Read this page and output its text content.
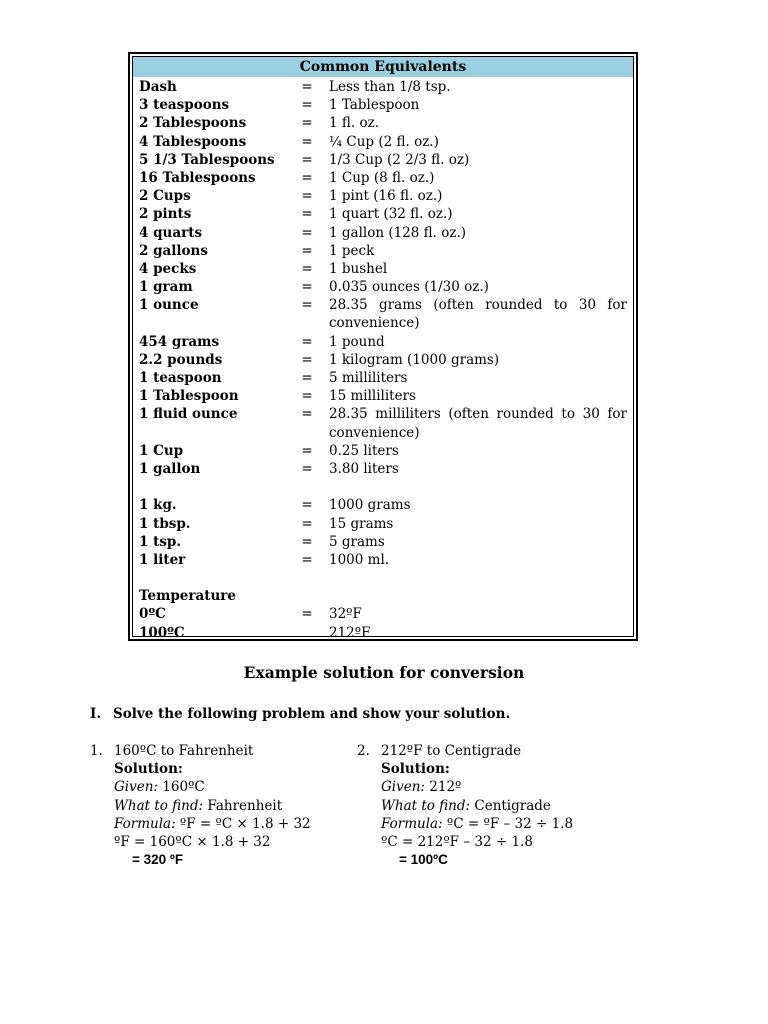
Common Equivalents
Dash	= Less than 1/8 tsp.
3 teaspoons	= 1 Tablespoon
2 Tablespoons	= 1 fl. oz.
4 Tablespoons	= ¼ Cup (2 fl. oz.)
5 1/3 Tablespoons = 1/3 Cup (2 2/3 fl. oz)
16 Tablespoons	= 1 Cup (8 fl. oz.)
2 Cups	= 1 pint (16 fl. oz.)
2 pints	= 1 quart (32 fl. oz.)
4 quarts	= 1 gallon (128 fl. oz.)
2 gallons	= 1 peck
4 pecks	= 1 bushel
1 gram	= 0.035 ounces (1/30 oz.)
1 ounce	= 28.35 grams (often rounded to 30 for convenience)
454 grams	= 1 pound
2.2 pounds	= 1 kilogram (1000 grams)
1 teaspoon	= 5 milliliters
1 Tablespoon	= 15 milliliters
1 fluid ounce	= 28.35 milliliters (often rounded to 30 for convenience)
1 Cup	= 0.25 liters
1 gallon	= 3.80 liters
1 kg.	= 1000 grams
1 tbsp.	= 15 grams
1 tsp.	= 5 grams
1 liter	= 1000 ml.
Temperature
0ºC	= 32ºF
100ºC	212ºF
Example solution for conversion
I. Solve the following problem and show your solution.
1. 160ºC to Fahrenheit
Solution:
Given: 160ºC
What to find: Fahrenheit
Formula: ºF = ºC × 1.8 + 32
ºF = 160ºC × 1.8 + 32
= 320 ºF
2. 212ºF to Centigrade
Solution:
Given: 212º
What to find: Centigrade
Formula: ºC = ºF – 32 ÷ 1.8
ºC = 212ºF – 32 ÷ 1.8
= 100ºC
